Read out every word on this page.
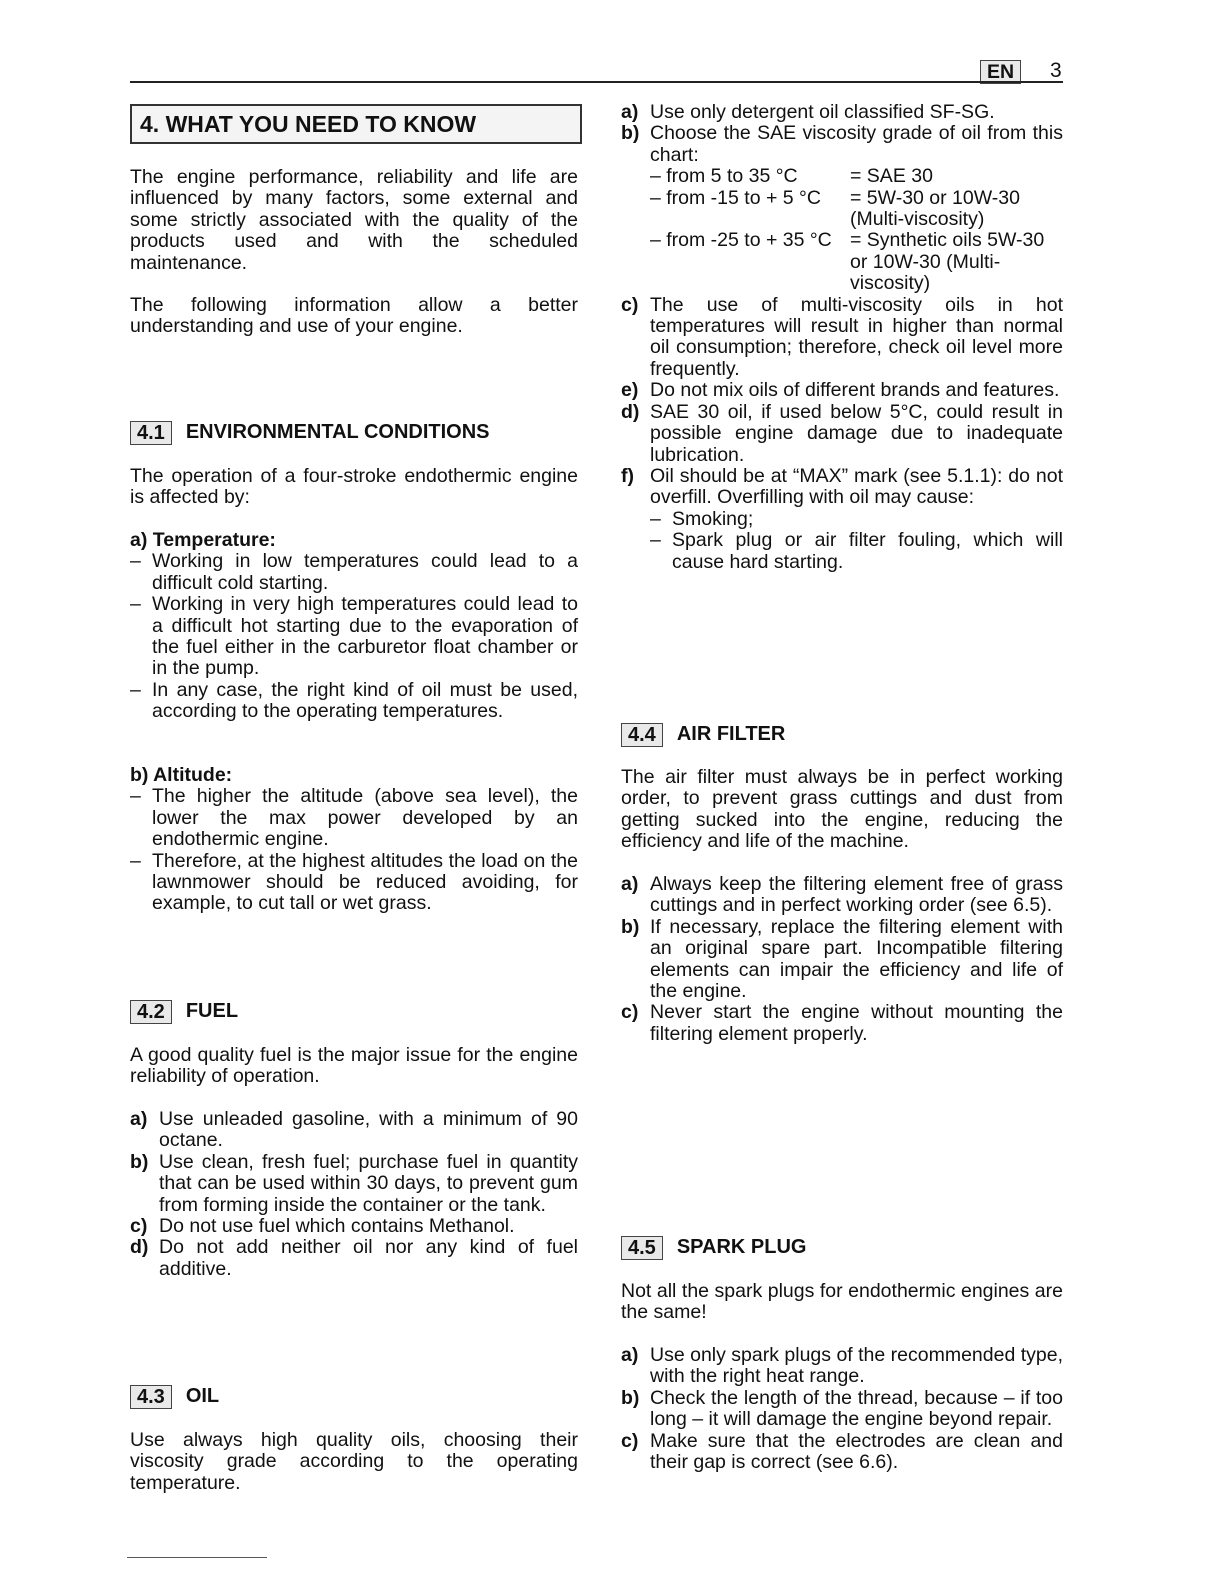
EN	3
4. WHAT YOU NEED TO KNOW

The engine performance, reliability and life are influenced by many factors, some external and some strictly associated with the quality of the products used and with the scheduled maintenance.

The following information allow a better understanding and use of your engine.

4.1	ENVIRONMENTAL CONDITIONS

The operation of a four-stroke endothermic engine is affected by:

a) Temperature:
– Working in low temperatures could lead to a difficult cold starting.
– Working in very high temperatures could lead to a difficult hot starting due to the evaporation of the fuel either in the carburetor float chamber or in the pump.
– In any case, the right kind of oil must be used, according to the operating temperatures.
b) Altitude:
– The higher the altitude (above sea level), the lower the max power developed by an endothermic engine.
– Therefore, at the highest altitudes the load on the lawnmower should be reduced avoiding, for example, to cut tall or wet grass.
4.2	FUEL

A good quality fuel is the major issue for the engine reliability of operation.

a) Use unleaded gasoline, with a minimum of 90 octane.
b) Use clean, fresh fuel; purchase fuel in quantity that can be used within 30 days, to prevent gum from forming inside the container or the tank.
c) Do not use fuel which contains Methanol.
d) Do not add neither oil nor any kind of fuel additive.
4.3	OIL

Use always high quality oils, choosing their viscosity grade according to the operating temperature.

a) Use only detergent oil classified SF-SG.
b) Choose the SAE viscosity grade of oil from this chart:
– from 5 to 35 °C	= SAE 30
– from -15 to + 5 °C	= 5W-30 or 10W-30 (Multi-viscosity)
– from -25 to + 35 °C = Synthetic oils 5W-30 or 10W-30 (Multi-viscosity)
c) The use of multi-viscosity oils in hot temperatures will result in higher than normal oil consumption; therefore, check oil level more frequently.
e) Do not mix oils of different brands and features.
d) SAE 30 oil, if used below 5°C, could result in possible engine damage due to inadequate lubrication.
f) Oil should be at “MAX” mark (see 5.1.1): do not overfill. Overfilling with oil may cause:
– Smoking;
– Spark plug or air filter fouling, which will cause hard starting.
4.4	AIR FILTER

The air filter must always be in perfect working order, to prevent grass cuttings and dust from getting sucked into the engine, reducing the efficiency and life of the machine.

a) Always keep the filtering element free of grass cuttings and in perfect working order (see 6.5).
b) If necessary, replace the filtering element with an original spare part. Incompatible filtering elements can impair the efficiency and life of the engine.
c) Never start the engine without mounting the filtering element properly.
4.5	SPARK PLUG

Not all the spark plugs for endothermic engines are the same!

a) Use only spark plugs of the recommended type, with the right heat range.
b) Check the length of the thread, because – if too long – it will damage the engine beyond repair.
c) Make sure that the electrodes are clean and their gap is correct (see 6.6).
